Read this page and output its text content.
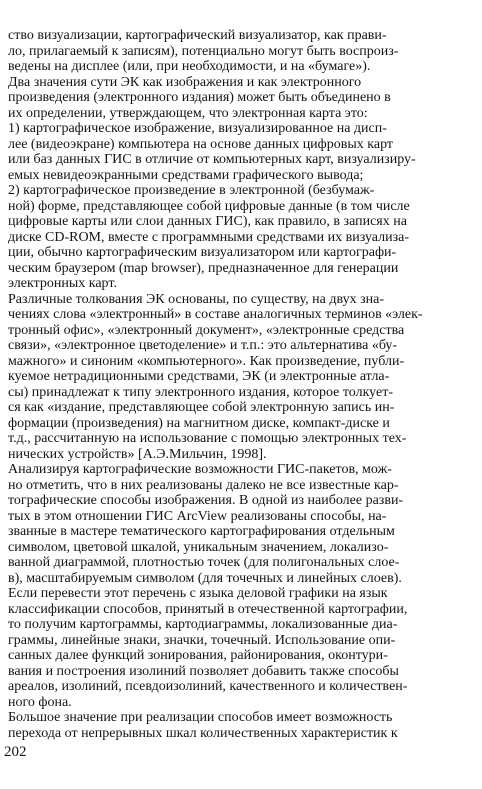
ство визуализации, картографический визуализатор, как прави-
ло, прилагаемый к записям), потенциально могут быть воспроиз-
ведены на дисплее (или, при необходимости, и на «бумаге»).
Два значения сути ЭК как изображения и как электронного
произведения (электронного издания) может быть объединено в
их определении, утверждающем, что электронная карта это:
1) картографическое изображение, визуализированное на дисп-
лее (видеоэкране) компьютера на основе данных цифровых карт
или баз данных ГИС в отличие от компьютерных карт, визуализиру-
емых невидеоэкранными средствами графического вывода;
2) картографическое произведение в электронной (безбумаж-
ной) форме, представляющее собой цифровые данные (в том числе
цифровые карты или слои данных ГИС), как правило, в записях на
диске CD-ROM, вместе с программными средствами их визуализа-
ции, обычно картографическим визуализатором или картографи-
ческим браузером (map browser), предназначенное для генерации
электронных карт.
Различные толкования ЭК основаны, по существу, на двух зна-
чениях слова «электронный» в составе аналогичных терминов «элек-
тронный офис», «электронный документ», «электронные средства
связи», «электронное цветоделение» и т.п.: это альтернатива «бу-
мажного» и синоним «компьютерного». Как произведение, публи-
куемое нетрадиционными средствами, ЭК (и электронные атла-
сы) принадлежат к типу электронного издания, которое толкует-
ся как «издание, представляющее собой электронную запись ин-
формации (произведения) на магнитном диске, компакт-диске и
т.д., рассчитанную на использование с помощью электронных тех-
нических устройств» [А.Э.Мильчин, 1998].
Анализируя картографические возможности ГИС-пакетов, мож-
но отметить, что в них реализованы далеко не все известные кар-
тографические способы изображения. В одной из наиболее разви-
тых в этом отношении ГИС ArcView реализованы способы, на-
званные в мастере тематического картографирования отдельным
символом, цветовой шкалой, уникальным значением, локализо-
ванной диаграммой, плотностью точек (для полигональных слое-
в), масштабируемым символом (для точечных и линейных слоев).
Если перевести этот перечень с языка деловой графики на язык
классификации способов, принятый в отечественной картографии,
то получим картограммы, картодиаграммы, локализованные диа-
граммы, линейные знаки, значки, точечный. Использование опи-
санных далее функций зонирования, районирования, оконтури-
вания и построения изолиний позволяет добавить также способы
ареалов, изолиний, псевдоизолиний, качественного и количествен-
ного фона.
Большое значение при реализации способов имеет возможность
перехода от непрерывных шкал количественных характеристик к
202
